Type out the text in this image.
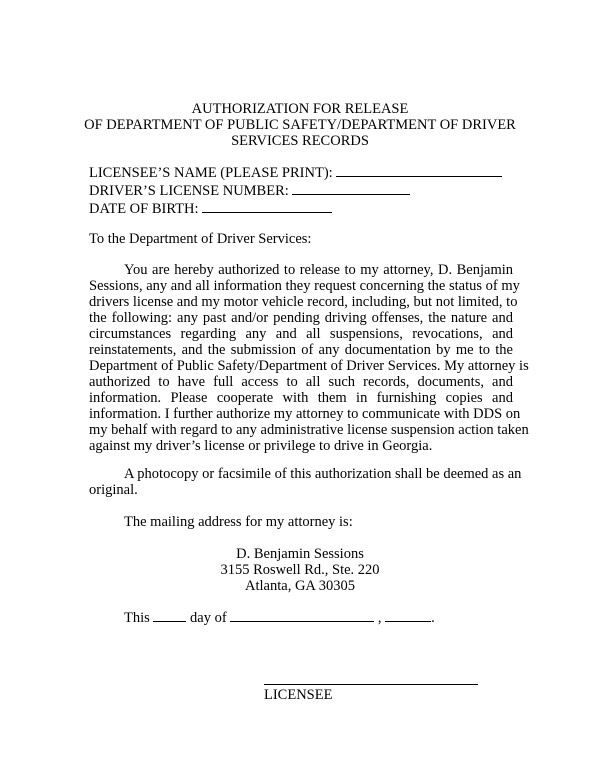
AUTHORIZATION FOR RELEASE
OF DEPARTMENT OF PUBLIC SAFETY/DEPARTMENT OF DRIVER
SERVICES RECORDS
LICENSEE’S NAME (PLEASE PRINT):
DRIVER’S LICENSE NUMBER:
DATE OF BIRTH:
To the Department of Driver Services:
You are hereby authorized to release to my attorney, D. Benjamin
Sessions, any and all information they request concerning the status of my
drivers license and my motor vehicle record, including, but not limited, to
the following: any past and/or pending driving offenses, the nature and
circumstances regarding any and all suspensions, revocations, and
reinstatements, and the submission of any documentation by me to the
Department of Public Safety/Department of Driver Services. My attorney is
authorized to have full access to all such records, documents, and
information. Please cooperate with them in furnishing copies and
information. I further authorize my attorney to communicate with DDS on
my behalf with regard to any administrative license suspension action taken
against my driver’s license or privilege to drive in Georgia.
A photocopy or facsimile of this authorization shall be deemed as an
original.
The mailing address for my attorney is:
D. Benjamin Sessions
3155 Roswell Rd., Ste. 220
Atlanta, GA 30305
This	day of	,	.
LICENSEE
